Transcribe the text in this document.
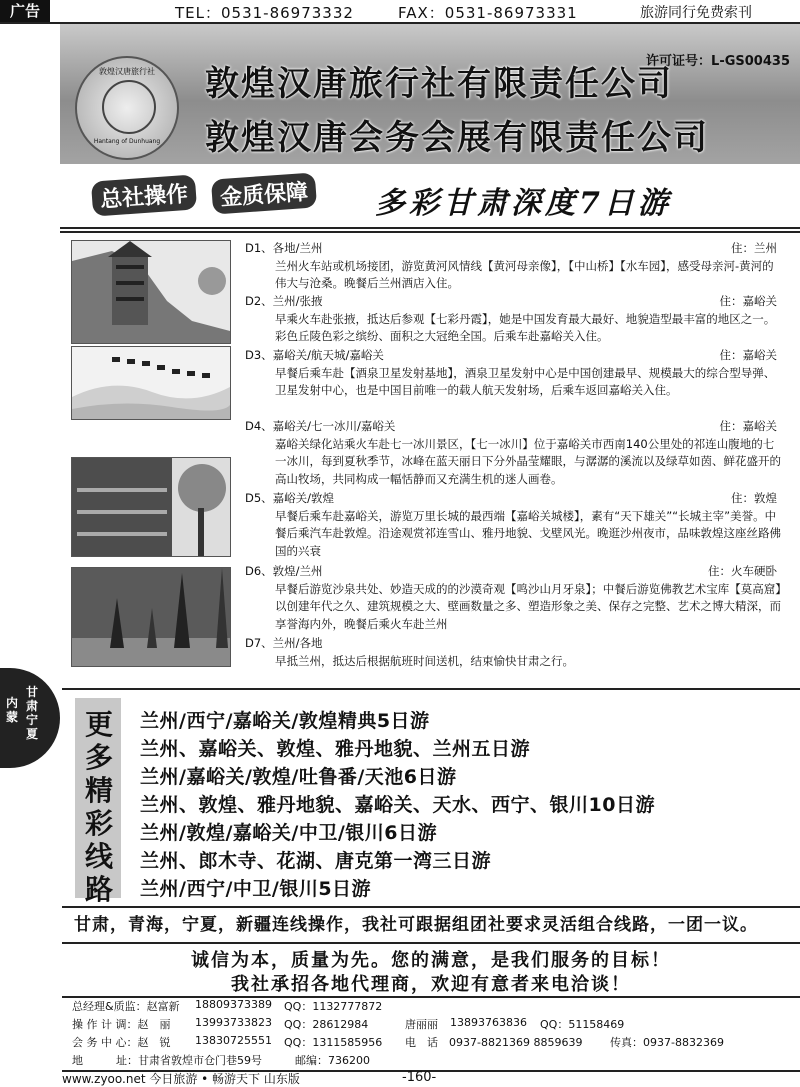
广告	TEL：0531-86973332	FAX：0531-86973331	旅游同行免费索刊
许可证号：L-GS00435
敦煌汉唐旅行社
Hantang of Dunhuang
敦煌汉唐旅行社有限责任公司
敦煌汉唐会务会展有限责任公司
总社操作	金质保障 多彩甘肃深度7日游
D1、各地/兰州	住：兰州
兰州火车站或机场接团，游览黄河风情线【黄河母亲像】，【中山桥】【水车园】，感受母亲河-黄河的伟大与沧桑。晚餐后兰州酒店入住。
D2、兰州/张掖	住：嘉峪关
早乘火车赴张掖，抵达后参观【七彩丹霞】，她是中国发育最大最好、地貌造型最丰富的地区之一。彩色丘陵色彩之缤纷、面积之大冠绝全国。后乘车赴嘉峪关入住。
D3、嘉峪关/航天城/嘉峪关	住：嘉峪关
早餐后乘车赴【酒泉卫星发射基地】，酒泉卫星发射中心是中国创建最早、规模最大的综合型导弹、卫星发射中心，也是中国目前唯一的载人航天发射场，后乘车返回嘉峪关入住。
D4、嘉峪关/七一冰川/嘉峪关	住：嘉峪关
嘉峪关绿化站乘火车赴七一冰川景区，【七一冰川】位于嘉峪关市西南140公里处的祁连山腹地的七一冰川，每到夏秋季节，冰峰在蓝天丽日下分外晶莹耀眼，与潺潺的溪流以及绿草如茵、鲜花盛开的高山牧场，共同构成一幅恬静而又充满生机的迷人画卷。
D5、嘉峪关/敦煌	住：敦煌
早餐后乘车赴嘉峪关，游览万里长城的最西端【嘉峪关城楼】，素有“天下雄关”“长城主宰”美誉。中餐后乘汽车赴敦煌。沿途观赏祁连雪山、雅丹地貌、戈壁风光。晚逛沙州夜市，品味敦煌这座丝路佛国的兴衰
D6、敦煌/兰州	住：火车硬卧
早餐后游览沙泉共处、妙造天成的的沙漠奇观【鸣沙山月牙泉】；中餐后游览佛教艺术宝库【莫高窟】以创建年代之久、建筑规模之大、壁画数量之多、塑造形象之美、保存之完整、艺术之博大精深，而享誉海内外，晚餐后乘火车赴兰州
D7、兰州/各地
早抵兰州，抵达后根据航班时间送机，结束愉快甘肃之行。
内蒙
甘肃宁夏 更
多
精
彩
线
路
兰州/西宁/嘉峪关/敦煌精典5日游
兰州、嘉峪关、敦煌、雅丹地貌、兰州五日游
兰州/嘉峪关/敦煌/吐鲁番/天池6日游
兰州、敦煌、雅丹地貌、嘉峪关、天水、西宁、银川10日游
兰州/敦煌/嘉峪关/中卫/银川6日游
兰州、郎木寺、花湖、唐克第一湾三日游
兰州/西宁/中卫/银川5日游
甘肃，青海，宁夏，新疆连线操作，我社可跟据组团社要求灵活组合线路，一团一议。
诚信为本，质量为先。您的满意，是我们服务的目标！
我社承招各地代理商，欢迎有意者来电洽谈！
总经理&质监：赵富新 18809373389 QQ：1132777872
操 作 计 调：赵　丽 13993733823 QQ：28612984	唐丽丽 13893763836 QQ：51158469
会 务 中 心：赵　锐 13830725551 QQ：1311585956 电　话　0937-8821369 8859639	传真：0937-8832369
地　　　址：甘肃省敦煌市仓门巷59号	邮编：736200
www.zyoo.net 今日旅游 • 畅游天下 山东版	-160-
